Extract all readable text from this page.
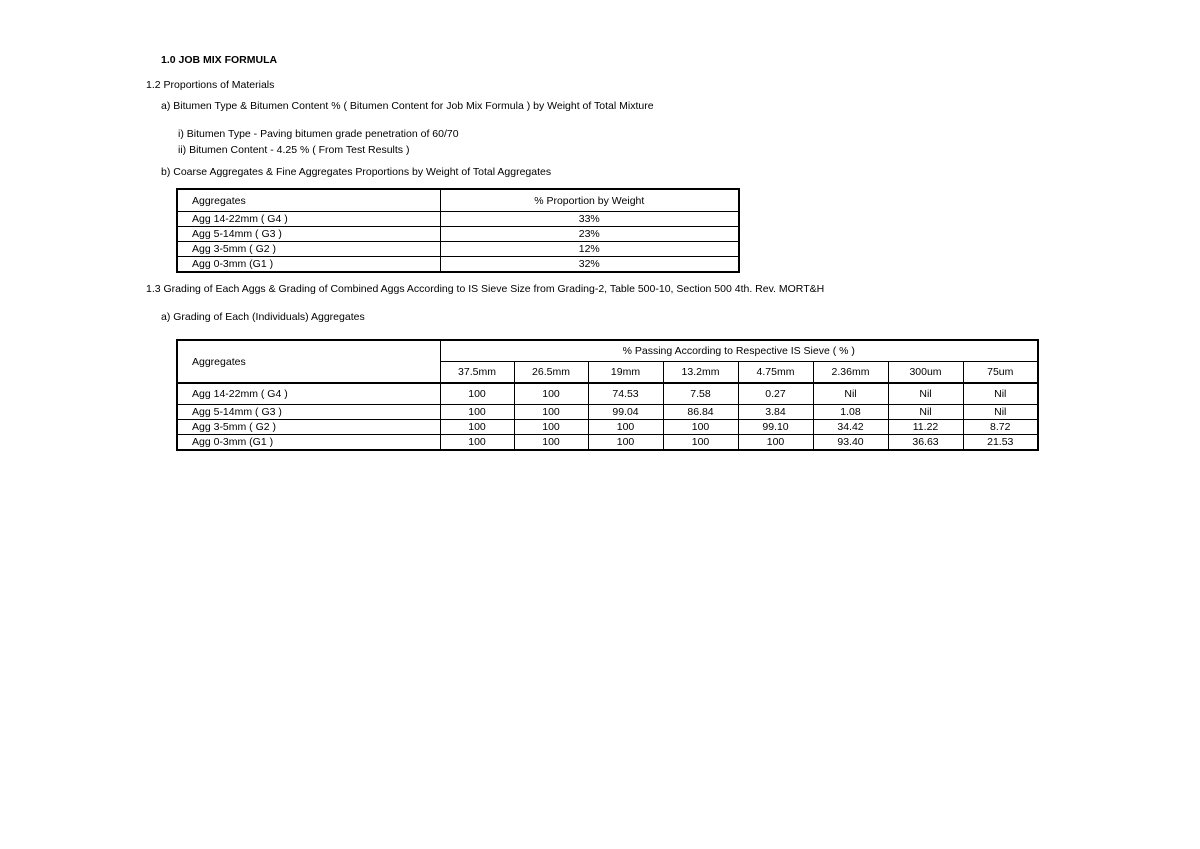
1.0 JOB MIX FORMULA
1.2 Proportions of Materials
a) Bitumen Type & Bitumen Content % ( Bitumen Content for Job Mix Formula ) by Weight of Total Mixture
i) Bitumen Type - Paving bitumen grade penetration of 60/70
ii) Bitumen Content - 4.25 % ( From Test Results )
b) Coarse Aggregates & Fine Aggregates Proportions by Weight of Total Aggregates
Aggregates	% Proportion by Weight
Agg 14-22mm ( G4 )	33%
Agg 5-14mm ( G3 )	23%
Agg 3-5mm ( G2 )	12%
Agg 0-3mm (G1 )	32%
1.3 Grading of Each Aggs & Grading of Combined Aggs According to IS Sieve Size from Grading-2, Table 500-10, Section 500 4th. Rev. MORT&H
a) Grading of Each (Individuals) Aggregates
Aggregates	% Passing According to Respective IS Sieve ( % )							
	37.5mm	26.5mm	19mm	13.2mm	4.75mm	2.36mm	300um	75um
Agg 14-22mm ( G4 )	100	100	74.53	7.58	0.27	Nil	Nil	Nil
Agg 5-14mm ( G3 )	100	100	99.04	86.84	3.84	1.08	Nil	Nil
Agg 3-5mm ( G2 )	100	100	100	100	99.10	34.42	11.22	8.72
Agg 0-3mm (G1 )	100	100	100	100	100	93.40	36.63	21.53
